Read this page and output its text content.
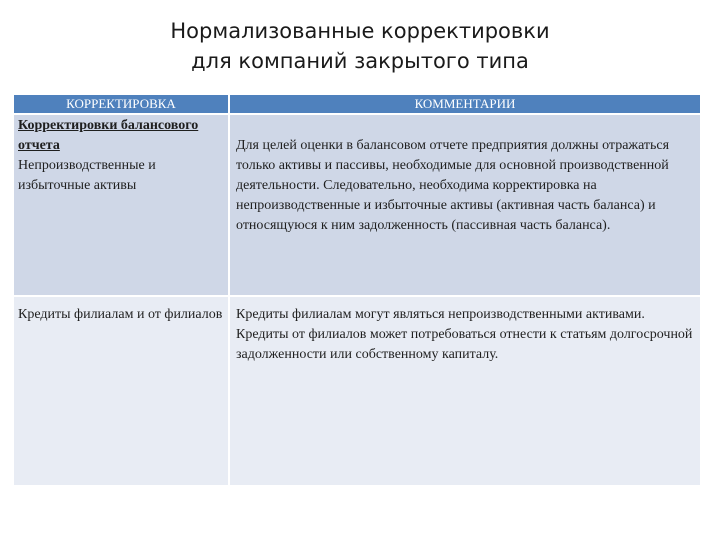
Нормализованные корректировки
для компаний закрытого типа
КОРРЕКТИРОВКА	КОММЕНТАРИИ
Корректировки балансового отчета
Непроизводственные и избыточные активы
Для целей оценки в балансовом отчете предприятия должны отражаться только активы и пассивы, необходимые для основной производственной деятельности. Следовательно, необходима корректировка на непроизводственные и избыточные активы (активная часть баланса) и относящуюся к ним задолженность (пассивная часть баланса).
Кредиты филиалам и от филиалов Кредиты филиалам могут являться непроизводственными активами. Кредиты от филиалов может потребоваться отнести к статьям долгосрочной задолженности или собственному капиталу.
